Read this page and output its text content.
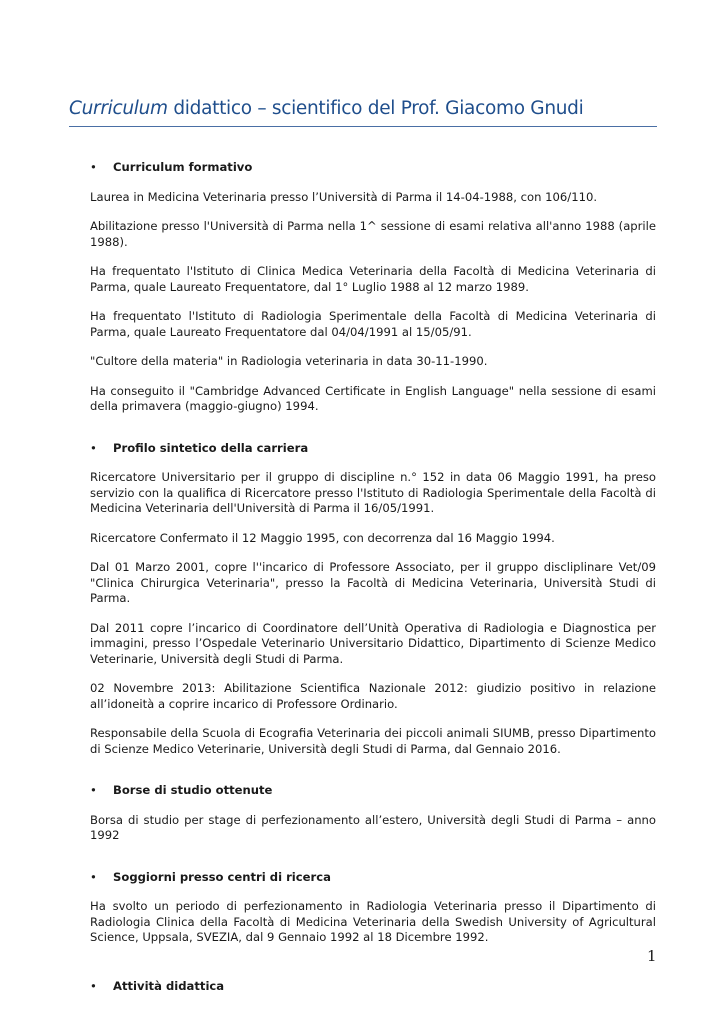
Curriculum didattico – scientifico del Prof. Giacomo Gnudi
• Curriculum formativo

Laurea in Medicina Veterinaria presso l’Università di Parma il 14-04-1988, con 106/110.

Abilitazione presso l'Università di Parma nella 1^ sessione di esami relativa all'anno 1988 (aprile 1988).

Ha frequentato l'Istituto di Clinica Medica Veterinaria della Facoltà di Medicina Veterinaria di Parma, quale Laureato Frequentatore, dal 1° Luglio 1988 al 12 marzo 1989.

Ha frequentato l'Istituto di Radiologia Sperimentale della Facoltà di Medicina Veterinaria di Parma, quale Laureato Frequentatore dal 04/04/1991 al 15/05/91.

"Cultore della materia" in Radiologia veterinaria in data 30-11-1990.

Ha conseguito il "Cambridge Advanced Certificate in English Language" nella sessione di esami della primavera (maggio-giugno) 1994.

• Profilo sintetico della carriera

Ricercatore Universitario per il gruppo di discipline n.° 152 in data 06 Maggio 1991, ha preso servizio con la qualifica di Ricercatore presso l'Istituto di Radiologia Sperimentale della Facoltà di Medicina Veterinaria dell'Università di Parma il 16/05/1991.

Ricercatore Confermato il 12 Maggio 1995, con decorrenza dal 16 Maggio 1994.

Dal 01 Marzo 2001, copre l''incarico di Professore Associato, per il gruppo discliplinare Vet/09 "Clinica Chirurgica Veterinaria", presso la Facoltà di Medicina Veterinaria, Università Studi di Parma.

Dal 2011 copre l’incarico di Coordinatore dell’Unità Operativa di Radiologia e Diagnostica per immagini, presso l’Ospedale Veterinario Universitario Didattico, Dipartimento di Scienze Medico Veterinarie, Università degli Studi di Parma.

02 Novembre 2013: Abilitazione Scientifica Nazionale 2012: giudizio positivo in relazione all’idoneità a coprire incarico di Professore Ordinario.

Responsabile della Scuola di Ecografia Veterinaria dei piccoli animali SIUMB, presso Dipartimento di Scienze Medico Veterinarie, Università degli Studi di Parma, dal Gennaio 2016.

• Borse di studio ottenute

Borsa di studio per stage di perfezionamento all’estero, Università degli Studi di Parma – anno 1992

• Soggiorni presso centri di ricerca

Ha svolto un periodo di perfezionamento in Radiologia Veterinaria presso il Dipartimento di Radiologia Clinica della Facoltà di Medicina Veterinaria della Swedish University of Agricultural Science, Uppsala, SVEZIA, dal 9 Gennaio 1992 al 18 Dicembre 1992.

• Attività didattica
1
